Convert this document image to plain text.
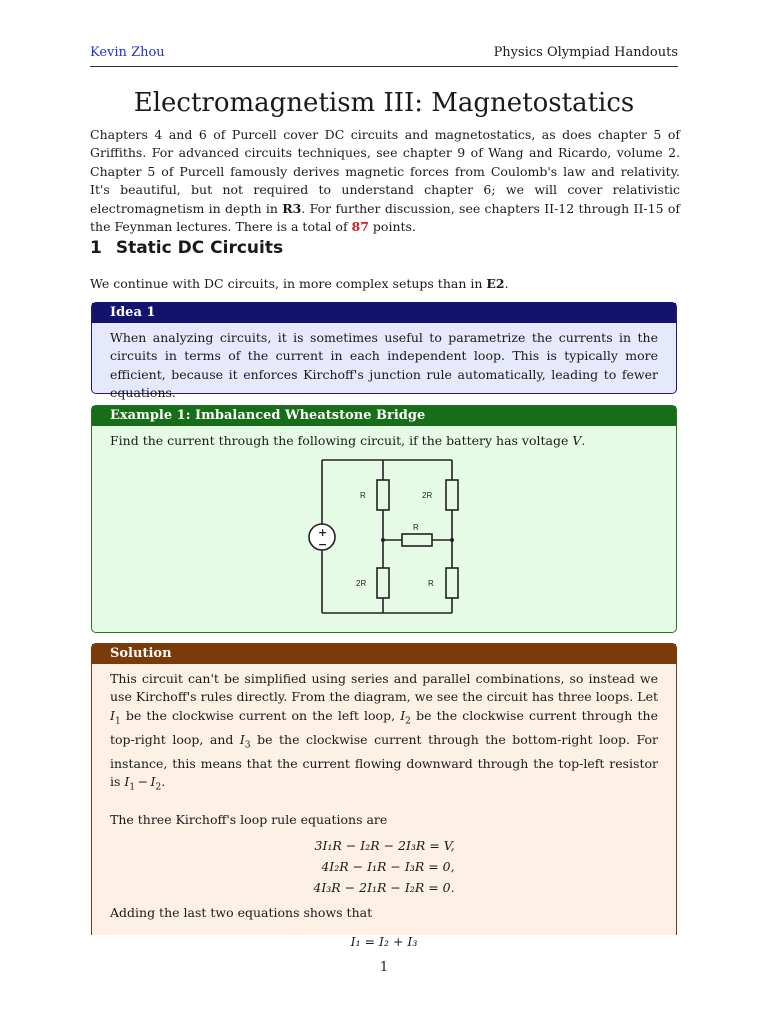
Kevin Zhou	Physics Olympiad Handouts
Electromagnetism III: Magnetostatics
Chapters 4 and 6 of Purcell cover DC circuits and magnetostatics, as does chapter 5 of Griffiths. For advanced circuits techniques, see chapter 9 of Wang and Ricardo, volume 2. Chapter 5 of Purcell famously derives magnetic forces from Coulomb's law and relativity. It's beautiful, but not required to understand chapter 6; we will cover relativistic electromagnetism in depth in R3. For further discussion, see chapters II-12 through II-15 of the Feynman lectures. There is a total of 87 points.
1 Static DC Circuits
We continue with DC circuits, in more complex setups than in E2.
Idea 1
When analyzing circuits, it is sometimes useful to parametrize the currents in the circuits in terms of the current in each independent loop. This is typically more efficient, because it enforces Kirchoff's junction rule automatically, leading to fewer equations.
Example 1: Imbalanced Wheatstone Bridge
Find the current through the following circuit, if the battery has voltage V.
R	2R
R
2R	R
+
−
Solution
This circuit can't be simplified using series and parallel combinations, so instead we use Kirchoff's rules directly. From the diagram, we see the circuit has three loops. Let $I_1$ be the clockwise current on the left loop, $I_2$ be the clockwise current through the top-right loop, and $I_3$ be the clockwise current through the bottom-right loop. For instance, this means that the current flowing downward through the top-left resistor is $I_1 - I_2$.
The three Kirchoff's loop rule equations are
3I₁R − I₂R − 2I₃R = V,
4I₂R − I₁R − I₃R = 0,
4I₃R − 2I₁R − I₂R = 0.
Adding the last two equations shows that
I₁ = I₂ + I₃
1
